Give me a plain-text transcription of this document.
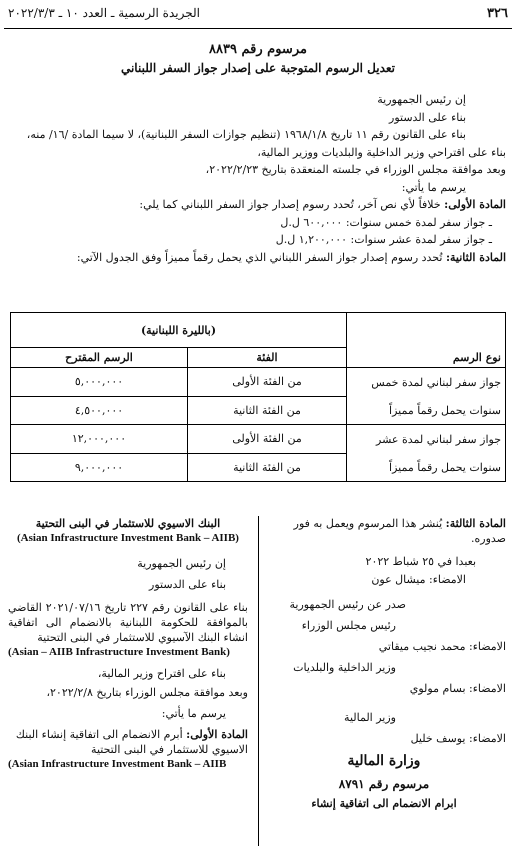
٣٢٦
الجريدة الرسمية ـ العدد ١٠ ـ ٢٠٢٢/٣/٣
مرسوم رقم ٨٨٣٩
تعديل الرسوم المتوجبة على إصدار جواز السفر اللبناني

إن رئيس الجمهورية

بناء على الدستور

بناء على القانون رقم ١١ تاريخ ١٩٦٨/١/٨ (تنظيم جوازات السفر اللبنانية)، لا سيما المادة /١٦/ منه،

بناء على اقتراحي وزير الداخلية والبلديات ووزير المالية،

وبعد موافقة مجلس الوزراء في جلسته المنعقدة بتاريخ ٢٠٢٢/٢/٢٣،

يرسم ما يأتي:

المادة الأولى: خلافاً لأي نص آخر، تُحدد رسوم إصدار جواز السفر اللبناني كما يلي:

ـ جواز سفر لمدة خمس سنوات: ٦٠٠,٠٠٠ ل.ل

ـ جواز سفر لمدة عشر سنوات: ١,٢٠٠,٠٠٠ ل.ل

المادة الثانية: تُحدد رسوم إصدار جواز السفر اللبناني الذي يحمل رقماً مميزاً وفق الجدول الآتي:

	(بالليرة اللبنانية)	
نوع الرسم	الفئة	الرسم المقترح
جواز سفر لبناني لمدة خمس	من الفئة الأولى	٥,٠٠٠,٠٠٠
سنوات يحمل رقماً مميزاً	من الفئة الثانية	٤,٥٠٠,٠٠٠
جواز سفر لبناني لمدة عشر	من الفئة الأولى	١٢,٠٠٠,٠٠٠
سنوات يحمل رقماً مميزاً	من الفئة الثانية	٩,٠٠٠,٠٠٠

المادة الثالثة: يُنشر هذا المرسوم ويعمل به فور صدوره.

بعبدا في ٢٥ شباط ٢٠٢٢

الامضاء: ميشال عون

صدر عن رئيس الجمهورية

رئيس مجلس الوزراء

الامضاء: محمد نجيب ميقاتي

وزير الداخلية والبلديات

الامضاء: بسام مولوي

وزير المالية

الامضاء: يوسف خليل

وزارة المالية
مرسوم رقم ٨٧٩١
ابرام الانضمام الى اتفاقية إنشاء
البنك الاسيوي للاستثمار في البنى التحتية
(Asian Infrastructure Investment Bank – AIIB)

إن رئيس الجمهورية

بناء على الدستور

بناء على القانون رقم ٢٢٧ تاريخ ٢٠٢١/٠٧/١٦ القاضي بالموافقة للحكومة اللبنانية بالانضمام الى اتفاقية انشاء البنك الآسيوي للاستثمار في البنى التحتية

(Asian – AIIB Infrastructure Investment Bank)

بناء على اقتراح وزير المالية،

وبعد موافقة مجلس الوزراء بتاريخ ٢٠٢٢/٢/٨،

يرسم ما يأتي:

المادة الأولى: أبرم الانضمام الى اتفاقية إنشاء البنك الاسيوي للاستثمار في البنى التحتية

(Asian Infrastructure Investment Bank – AIIB
